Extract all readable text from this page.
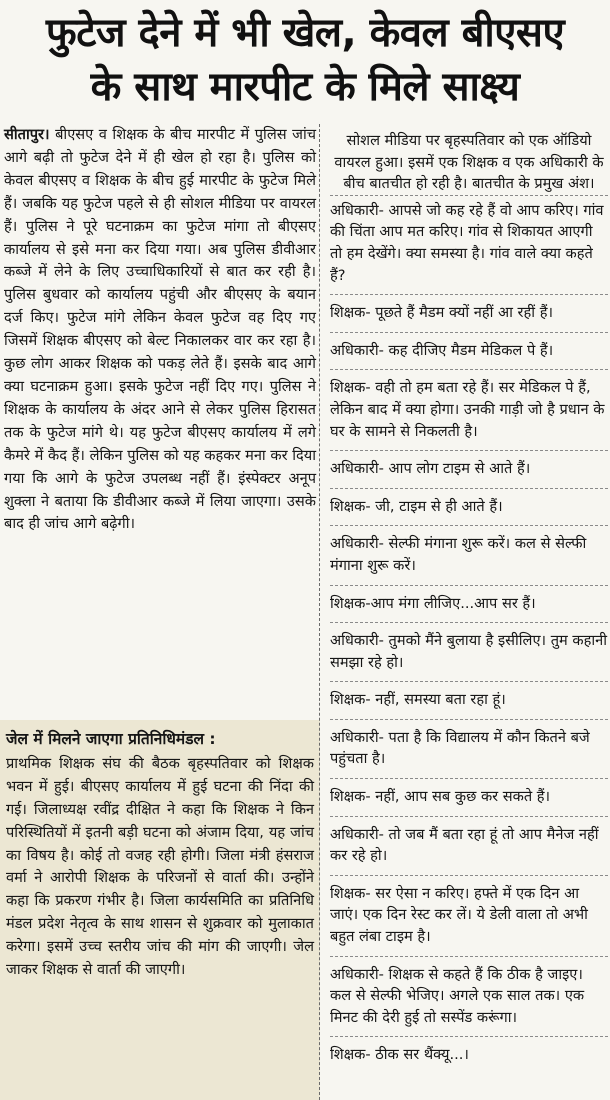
फुटेज देने में भी खेल, केवल बीएसए
के साथ मारपीट के मिले साक्ष्य

सीतापुर। बीएसए व शिक्षक के बीच मारपीट में पुलिस जांच आगे बढ़ी तो फुटेज देने में ही खेल हो रहा है। पुलिस को केवल बीएसए व शिक्षक के बीच हुई मारपीट के फुटेज मिले हैं। जबकि यह फुटेज पहले से ही सोशल मीडिया पर वायरल हैं। पुलिस ने पूरे घटनाक्रम का फुटेज मांगा तो बीएसए कार्यालय से इसे मना कर दिया गया। अब पुलिस डीवीआर कब्जे में लेने के लिए उच्चाधिकारियों से बात कर रही है। पुलिस बुधवार को कार्यालय पहुंची और बीएसए के बयान दर्ज किए। फुटेज मांगे लेकिन केवल फुटेज वह दिए गए जिसमें शिक्षक बीएसए को बेल्ट निकालकर वार कर रहा है। कुछ लोग आकर शिक्षक को पकड़ लेते हैं। इसके बाद आगे क्या घटनाक्रम हुआ। इसके फुटेज नहीं दिए गए। पुलिस ने शिक्षक के कार्यालय के अंदर आने से लेकर पुलिस हिरासत तक के फुटेज मांगे थे। यह फुटेज बीएसए कार्यालय में लगे कैमरे में कैद हैं। लेकिन पुलिस को यह कहकर मना कर दिया गया कि आगे के फुटेज उपलब्ध नहीं हैं। इंस्पेक्टर अनूप शुक्ला ने बताया कि डीवीआर कब्जे में लिया जाएगा। उसके बाद ही जांच आगे बढ़ेगी।

जेल में मिलने जाएगा प्रतिनिधिमंडल :

प्राथमिक शिक्षक संघ की बैठक बृहस्पतिवार को शिक्षक भवन में हुई। बीएसए कार्यालय में हुई घटना की निंदा की गई। जिलाध्यक्ष रवींद्र दीक्षित ने कहा कि शिक्षक ने किन परिस्थितियों में इतनी बड़ी घटना को अंजाम दिया, यह जांच का विषय है। कोई तो वजह रही होगी। जिला मंत्री हंसराज वर्मा ने आरोपी शिक्षक के परिजनों से वार्ता की। उन्होंने कहा कि प्रकरण गंभीर है। जिला कार्यसमिति का प्रतिनिधि मंडल प्रदेश नेतृत्व के साथ शासन से शुक्रवार को मुलाकात करेगा। इसमें उच्च स्तरीय जांच की मांग की जाएगी। जेल जाकर शिक्षक से वार्ता की जाएगी।

सोशल मीडिया पर बृहस्पतिवार को एक ऑडियो वायरल हुआ। इसमें एक शिक्षक व एक अधिकारी के बीच बातचीत हो रही है। बातचीत के प्रमुख अंश।
अधिकारी- आपसे जो कह रहे हैं वो आप करिए। गांव की चिंता आप मत करिए। गांव से शिकायत आएगी तो हम देखेंगे। क्या समस्या है। गांव वाले क्या कहते हैं?
शिक्षक- पूछते हैं मैडम क्यों नहीं आ रहीं हैं।
अधिकारी- कह दीजिए मैडम मेडिकल पे हैं।
शिक्षक- वही तो हम बता रहे हैं। सर मेडिकल पे हैं, लेकिन बाद में क्या होगा। उनकी गाड़ी जो है प्रधान के घर के सामने से निकलती है।
अधिकारी- आप लोग टाइम से आते हैं।
शिक्षक- जी, टाइम से ही आते हैं।
अधिकारी- सेल्फी मंगाना शुरू करें। कल से सेल्फी मंगाना शुरू करें।
शिक्षक-आप मंगा लीजिए...आप सर हैं।
अधिकारी- तुमको मैंने बुलाया है इसीलिए। तुम कहानी समझा रहे हो।
शिक्षक- नहीं, समस्या बता रहा हूं।
अधिकारी- पता है कि विद्यालय में कौन कितने बजे पहुंचता है।
शिक्षक- नहीं, आप सब कुछ कर सकते हैं।
अधिकारी- तो जब मैं बता रहा हूं तो आप मैनेज नहीं कर रहे हो।
शिक्षक- सर ऐसा न करिए। हफ्ते में एक दिन आ जाएं। एक दिन रेस्ट कर लें। ये डेली वाला तो अभी बहुत लंबा टाइम है।
अधिकारी- शिक्षक से कहते हैं कि ठीक है जाइए। कल से सेल्फी भेजिए। अगले एक साल तक। एक मिनट की देरी हुई तो सस्पेंड करूंगा।
शिक्षक- ठीक सर थैंक्यू...।
